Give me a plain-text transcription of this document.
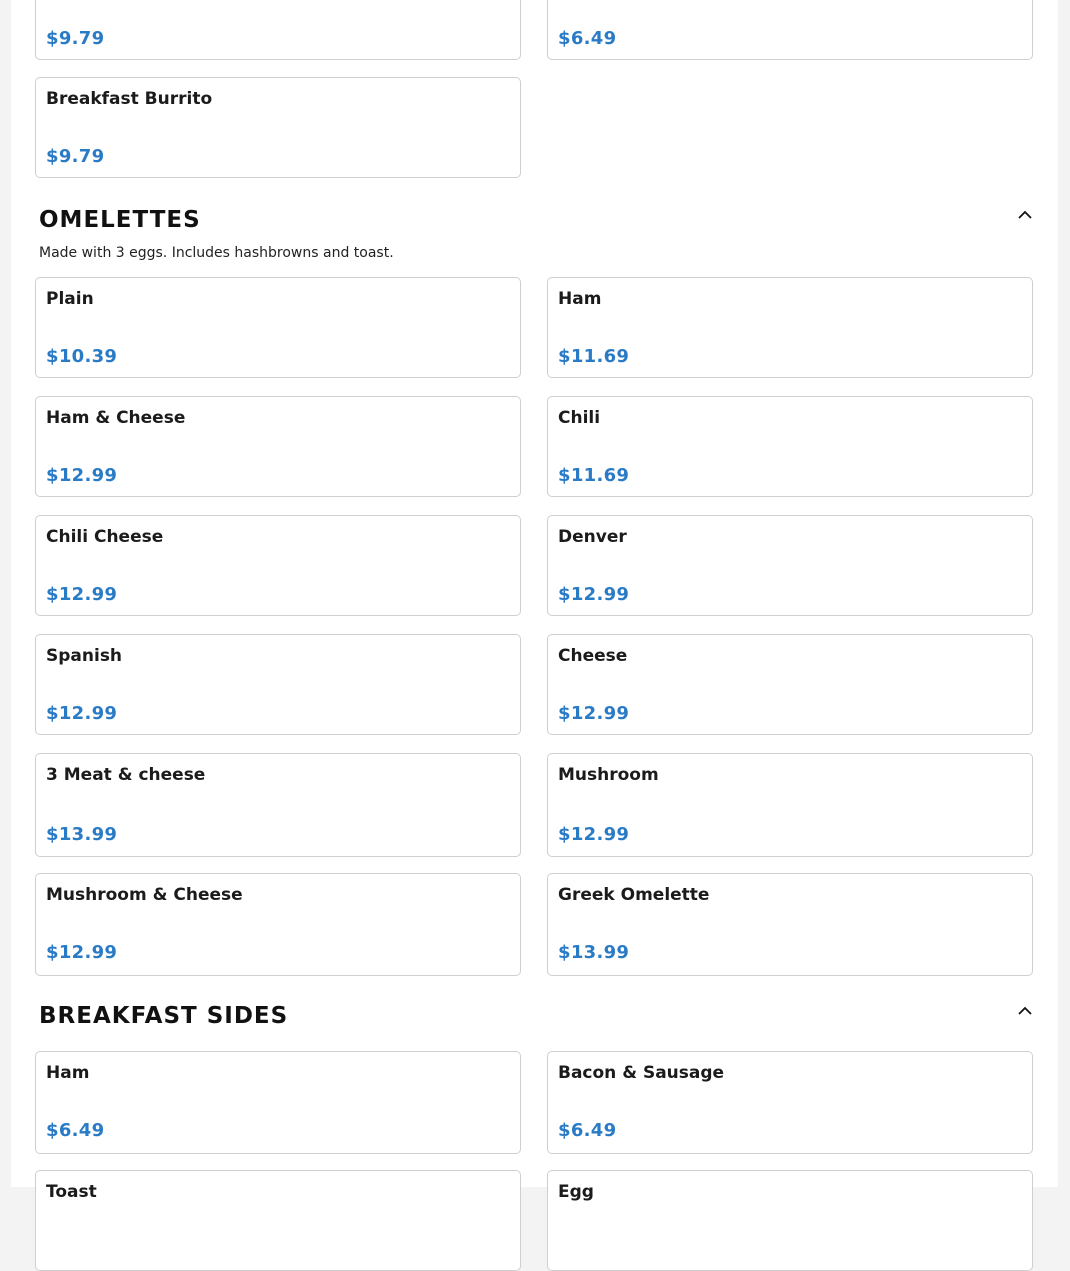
$9.79	$6.49
Breakfast Burrito
$9.79
OMELETTES
Made with 3 eggs. Includes hashbrowns and toast.
Plain
$10.39
Ham
$11.69
Ham & Cheese
$12.99
Chili
$11.69
Chili Cheese
$12.99
Denver
$12.99
Spanish
$12.99
Cheese
$12.99
3 Meat & cheese
$13.99
Mushroom
$12.99
Mushroom & Cheese
$12.99
Greek Omelette
$13.99
BREAKFAST SIDES
Ham
$6.49
Bacon & Sausage
$6.49
Toast	Egg
